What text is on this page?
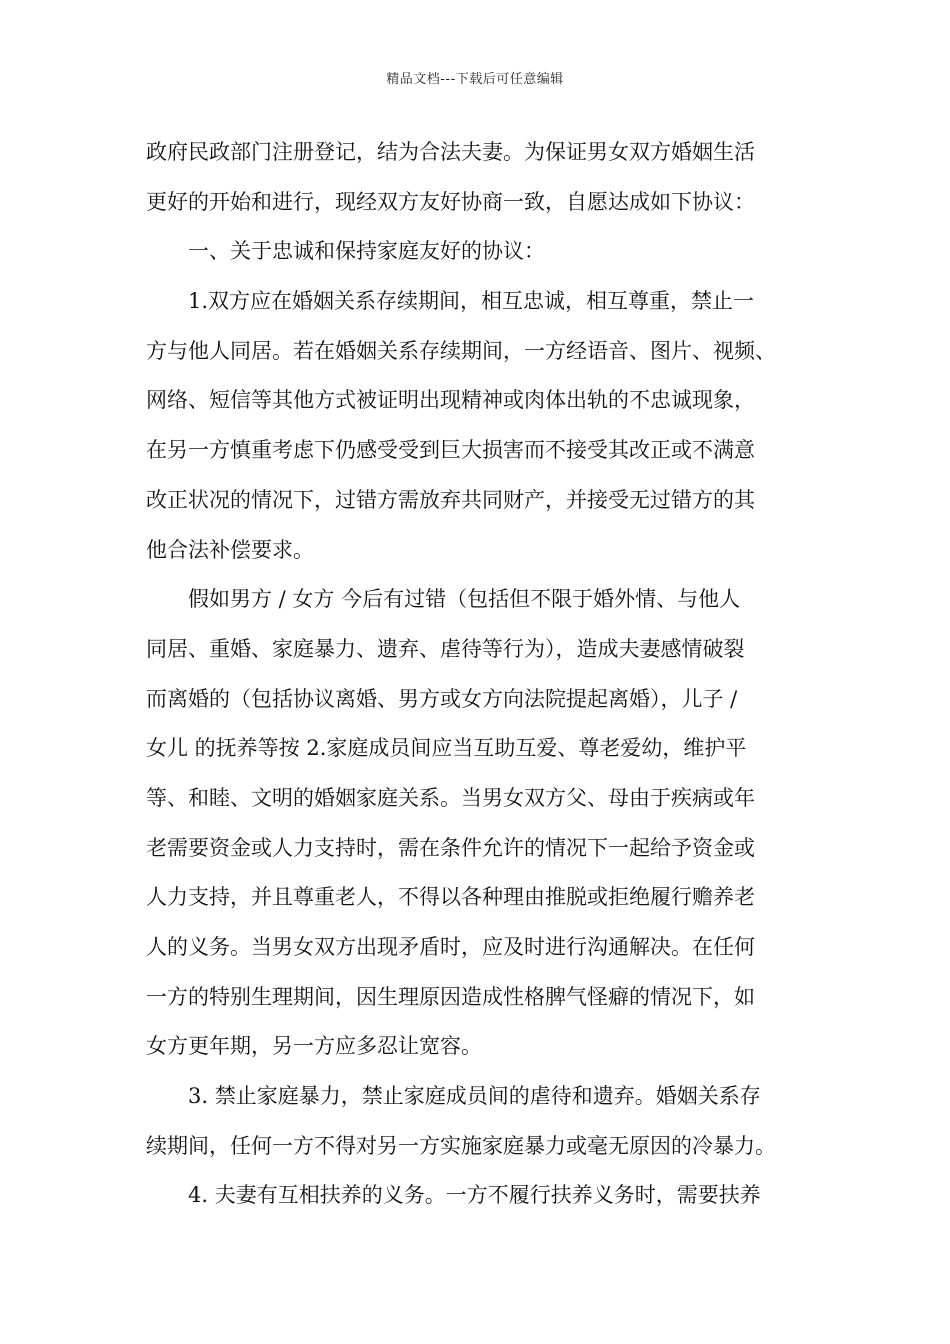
精品文档---下载后可任意编辑
政府民政部门注册登记，结为合法夫妻。为保证男女双方婚姻生活
更好的开始和进行，现经双方友好协商一致，自愿达成如下协议：
　　一、关于忠诚和保持家庭友好的协议：
　　1.双方应在婚姻关系存续期间，相互忠诚，相互尊重，禁止一
方与他人同居。若在婚姻关系存续期间，一方经语音、图片、视频、
网络、短信等其他方式被证明出现精神或肉体出轨的不忠诚现象，
在另一方慎重考虑下仍感受受到巨大损害而不接受其改正或不满意
改正状况的情况下，过错方需放弃共同财产，并接受无过错方的其
他合法补偿要求。
　　假如男方 / 女方 今后有过错（包括但不限于婚外情、与他人
同居、重婚、家庭暴力、遗弃、虐待等行为），造成夫妻感情破裂
而离婚的（包括协议离婚、男方或女方向法院提起离婚），儿子 /
女儿 的抚养等按 2.家庭成员间应当互助互爱、尊老爱幼，维护平
等、和睦、文明的婚姻家庭关系。当男女双方父、母由于疾病或年
老需要资金或人力支持时，需在条件允许的情况下一起给予资金或
人力支持，并且尊重老人，不得以各种理由推脱或拒绝履行赡养老
人的义务。当男女双方出现矛盾时，应及时进行沟通解决。在任何
一方的特别生理期间，因生理原因造成性格脾气怪癖的情况下，如
女方更年期，另一方应多忍让宽容。
　　3. 禁止家庭暴力，禁止家庭成员间的虐待和遗弃。婚姻关系存
续期间，任何一方不得对另一方实施家庭暴力或毫无原因的冷暴力。
　　4. 夫妻有互相扶养的义务。一方不履行扶养义务时，需要扶养
